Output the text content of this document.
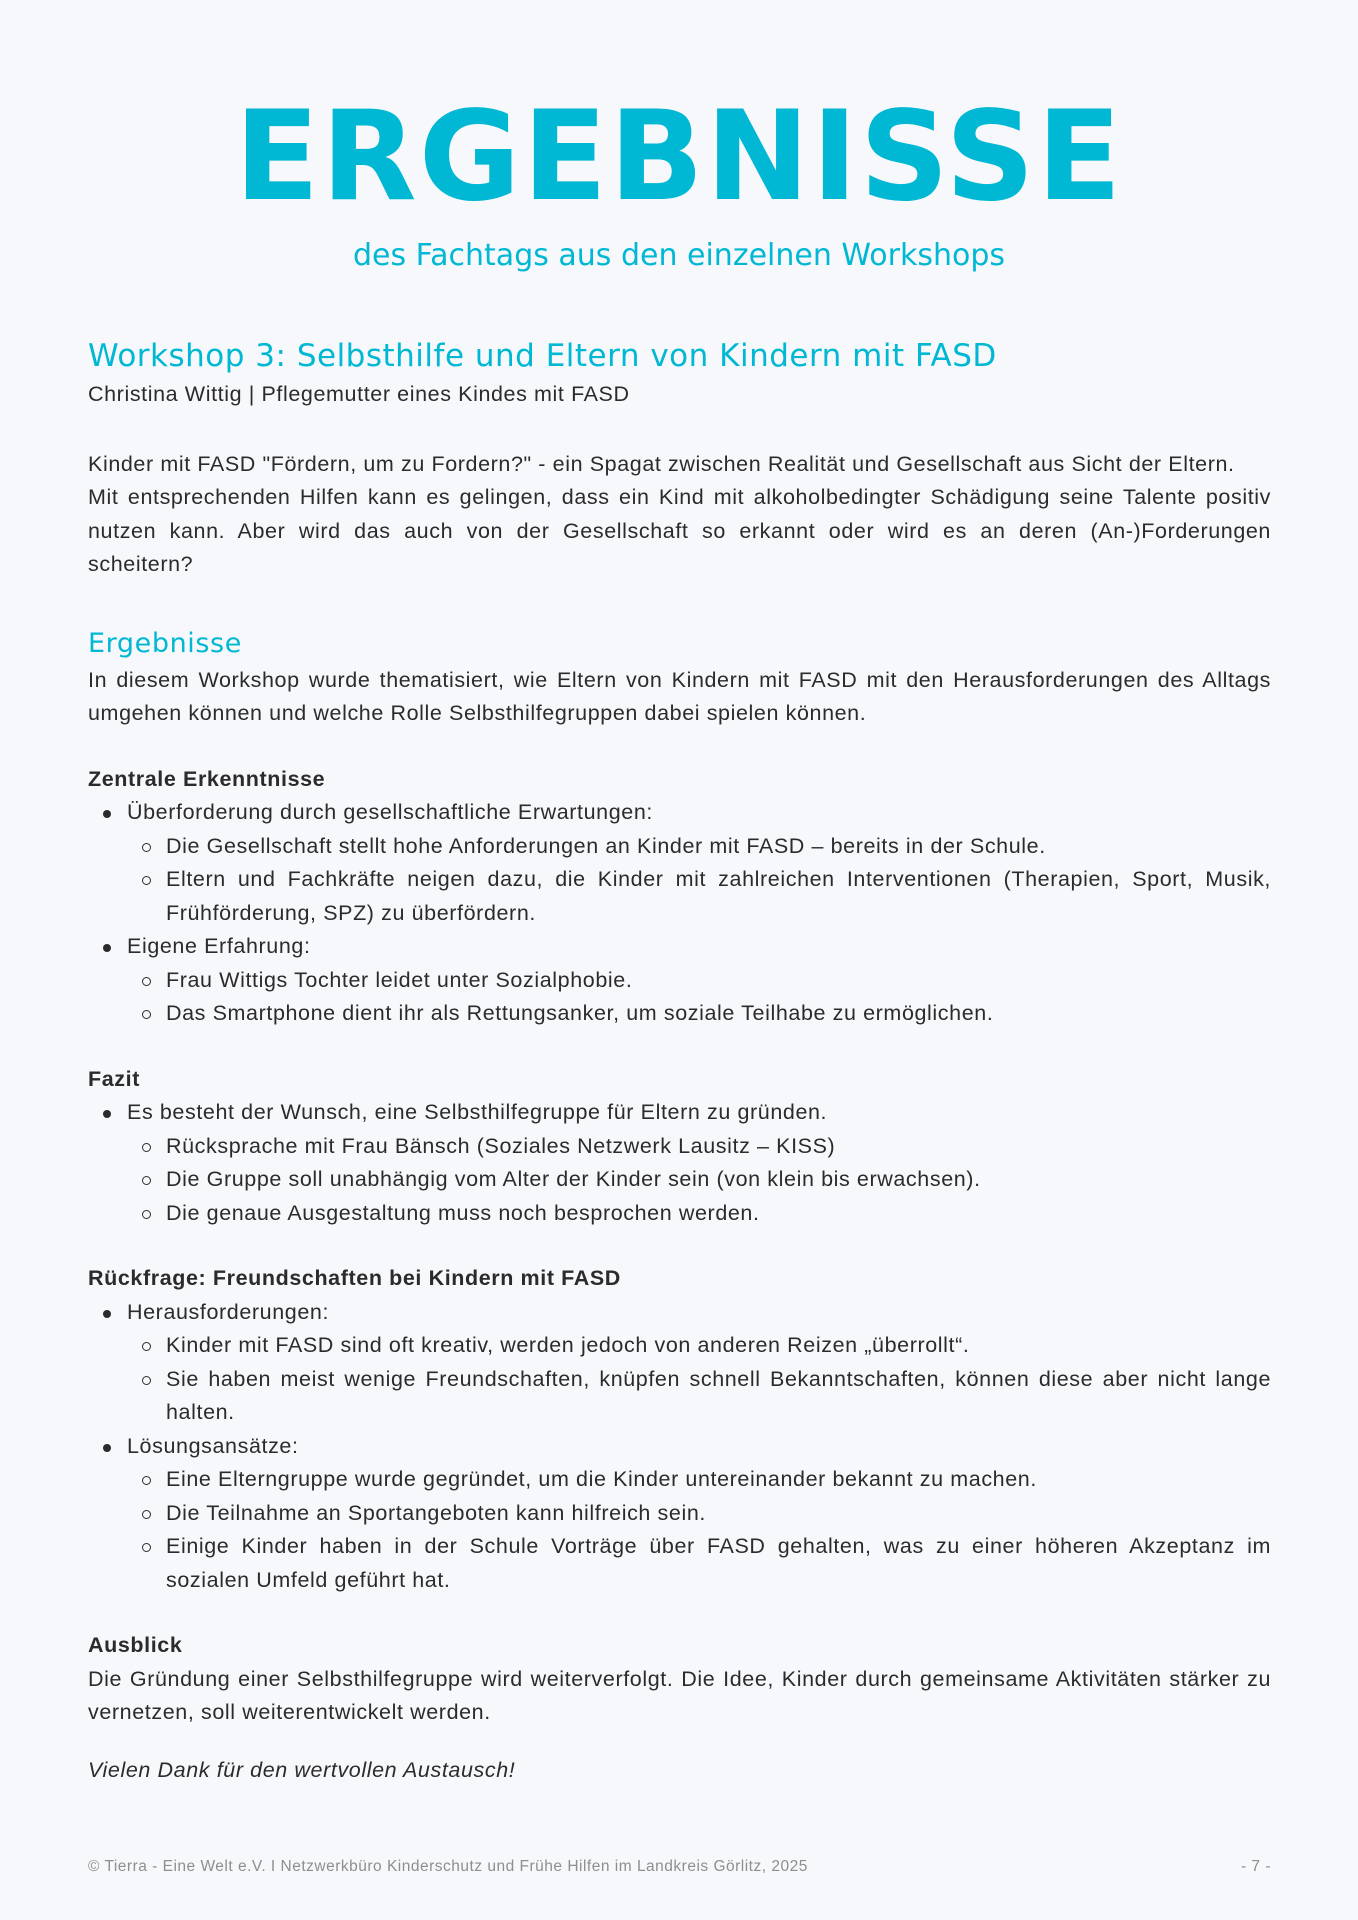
ERGEBNISSE
des Fachtags aus den einzelnen Workshops
Workshop 3: Selbsthilfe und Eltern von Kindern mit FASD

Christina Wittig | Pflegemutter eines Kindes mit FASD

Kinder mit FASD "Fördern, um zu Fordern?" - ein Spagat zwischen Realität und Gesellschaft aus Sicht der Eltern.

Mit entsprechenden Hilfen kann es gelingen, dass ein Kind mit alkoholbedingter Schädigung seine Talente positiv nutzen kann. Aber wird das auch von der Gesellschaft so erkannt oder wird es an deren (An-)Forderungen scheitern?

Ergebnisse

In diesem Workshop wurde thematisiert, wie Eltern von Kindern mit FASD mit den Herausforderungen des Alltags umgehen können und welche Rolle Selbsthilfegruppen dabei spielen können.

Zentrale Erkenntnisse

Überforderung durch gesellschaftliche Erwartungen:
Die Gesellschaft stellt hohe Anforderungen an Kinder mit FASD – bereits in der Schule.
Eltern und Fachkräfte neigen dazu, die Kinder mit zahlreichen Interventionen (Therapien, Sport, Musik, Frühförderung, SPZ) zu überfördern.
Eigene Erfahrung:
Frau Wittigs Tochter leidet unter Sozialphobie.
Das Smartphone dient ihr als Rettungsanker, um soziale Teilhabe zu ermöglichen.

Fazit

Es besteht der Wunsch, eine Selbsthilfegruppe für Eltern zu gründen.
Rücksprache mit Frau Bänsch (Soziales Netzwerk Lausitz – KISS)
Die Gruppe soll unabhängig vom Alter der Kinder sein (von klein bis erwachsen).
Die genaue Ausgestaltung muss noch besprochen werden.

Rückfrage: Freundschaften bei Kindern mit FASD

Herausforderungen:
Kinder mit FASD sind oft kreativ, werden jedoch von anderen Reizen „überrollt“.
Sie haben meist wenige Freundschaften, knüpfen schnell Bekanntschaften, können diese aber nicht lange halten.
Lösungsansätze:
Eine Elterngruppe wurde gegründet, um die Kinder untereinander bekannt zu machen.
Die Teilnahme an Sportangeboten kann hilfreich sein.
Einige Kinder haben in der Schule Vorträge über FASD gehalten, was zu einer höheren Akzeptanz im sozialen Umfeld geführt hat.

Ausblick

Die Gründung einer Selbsthilfegruppe wird weiterverfolgt. Die Idee, Kinder durch gemeinsame Aktivitäten stärker zu vernetzen, soll weiterentwickelt werden.

Vielen Dank für den wertvollen Austausch!

© Tierra - Eine Welt e.V. I Netzwerkbüro Kinderschutz und Frühe Hilfen im Landkreis Görlitz, 2025	- 7 -
